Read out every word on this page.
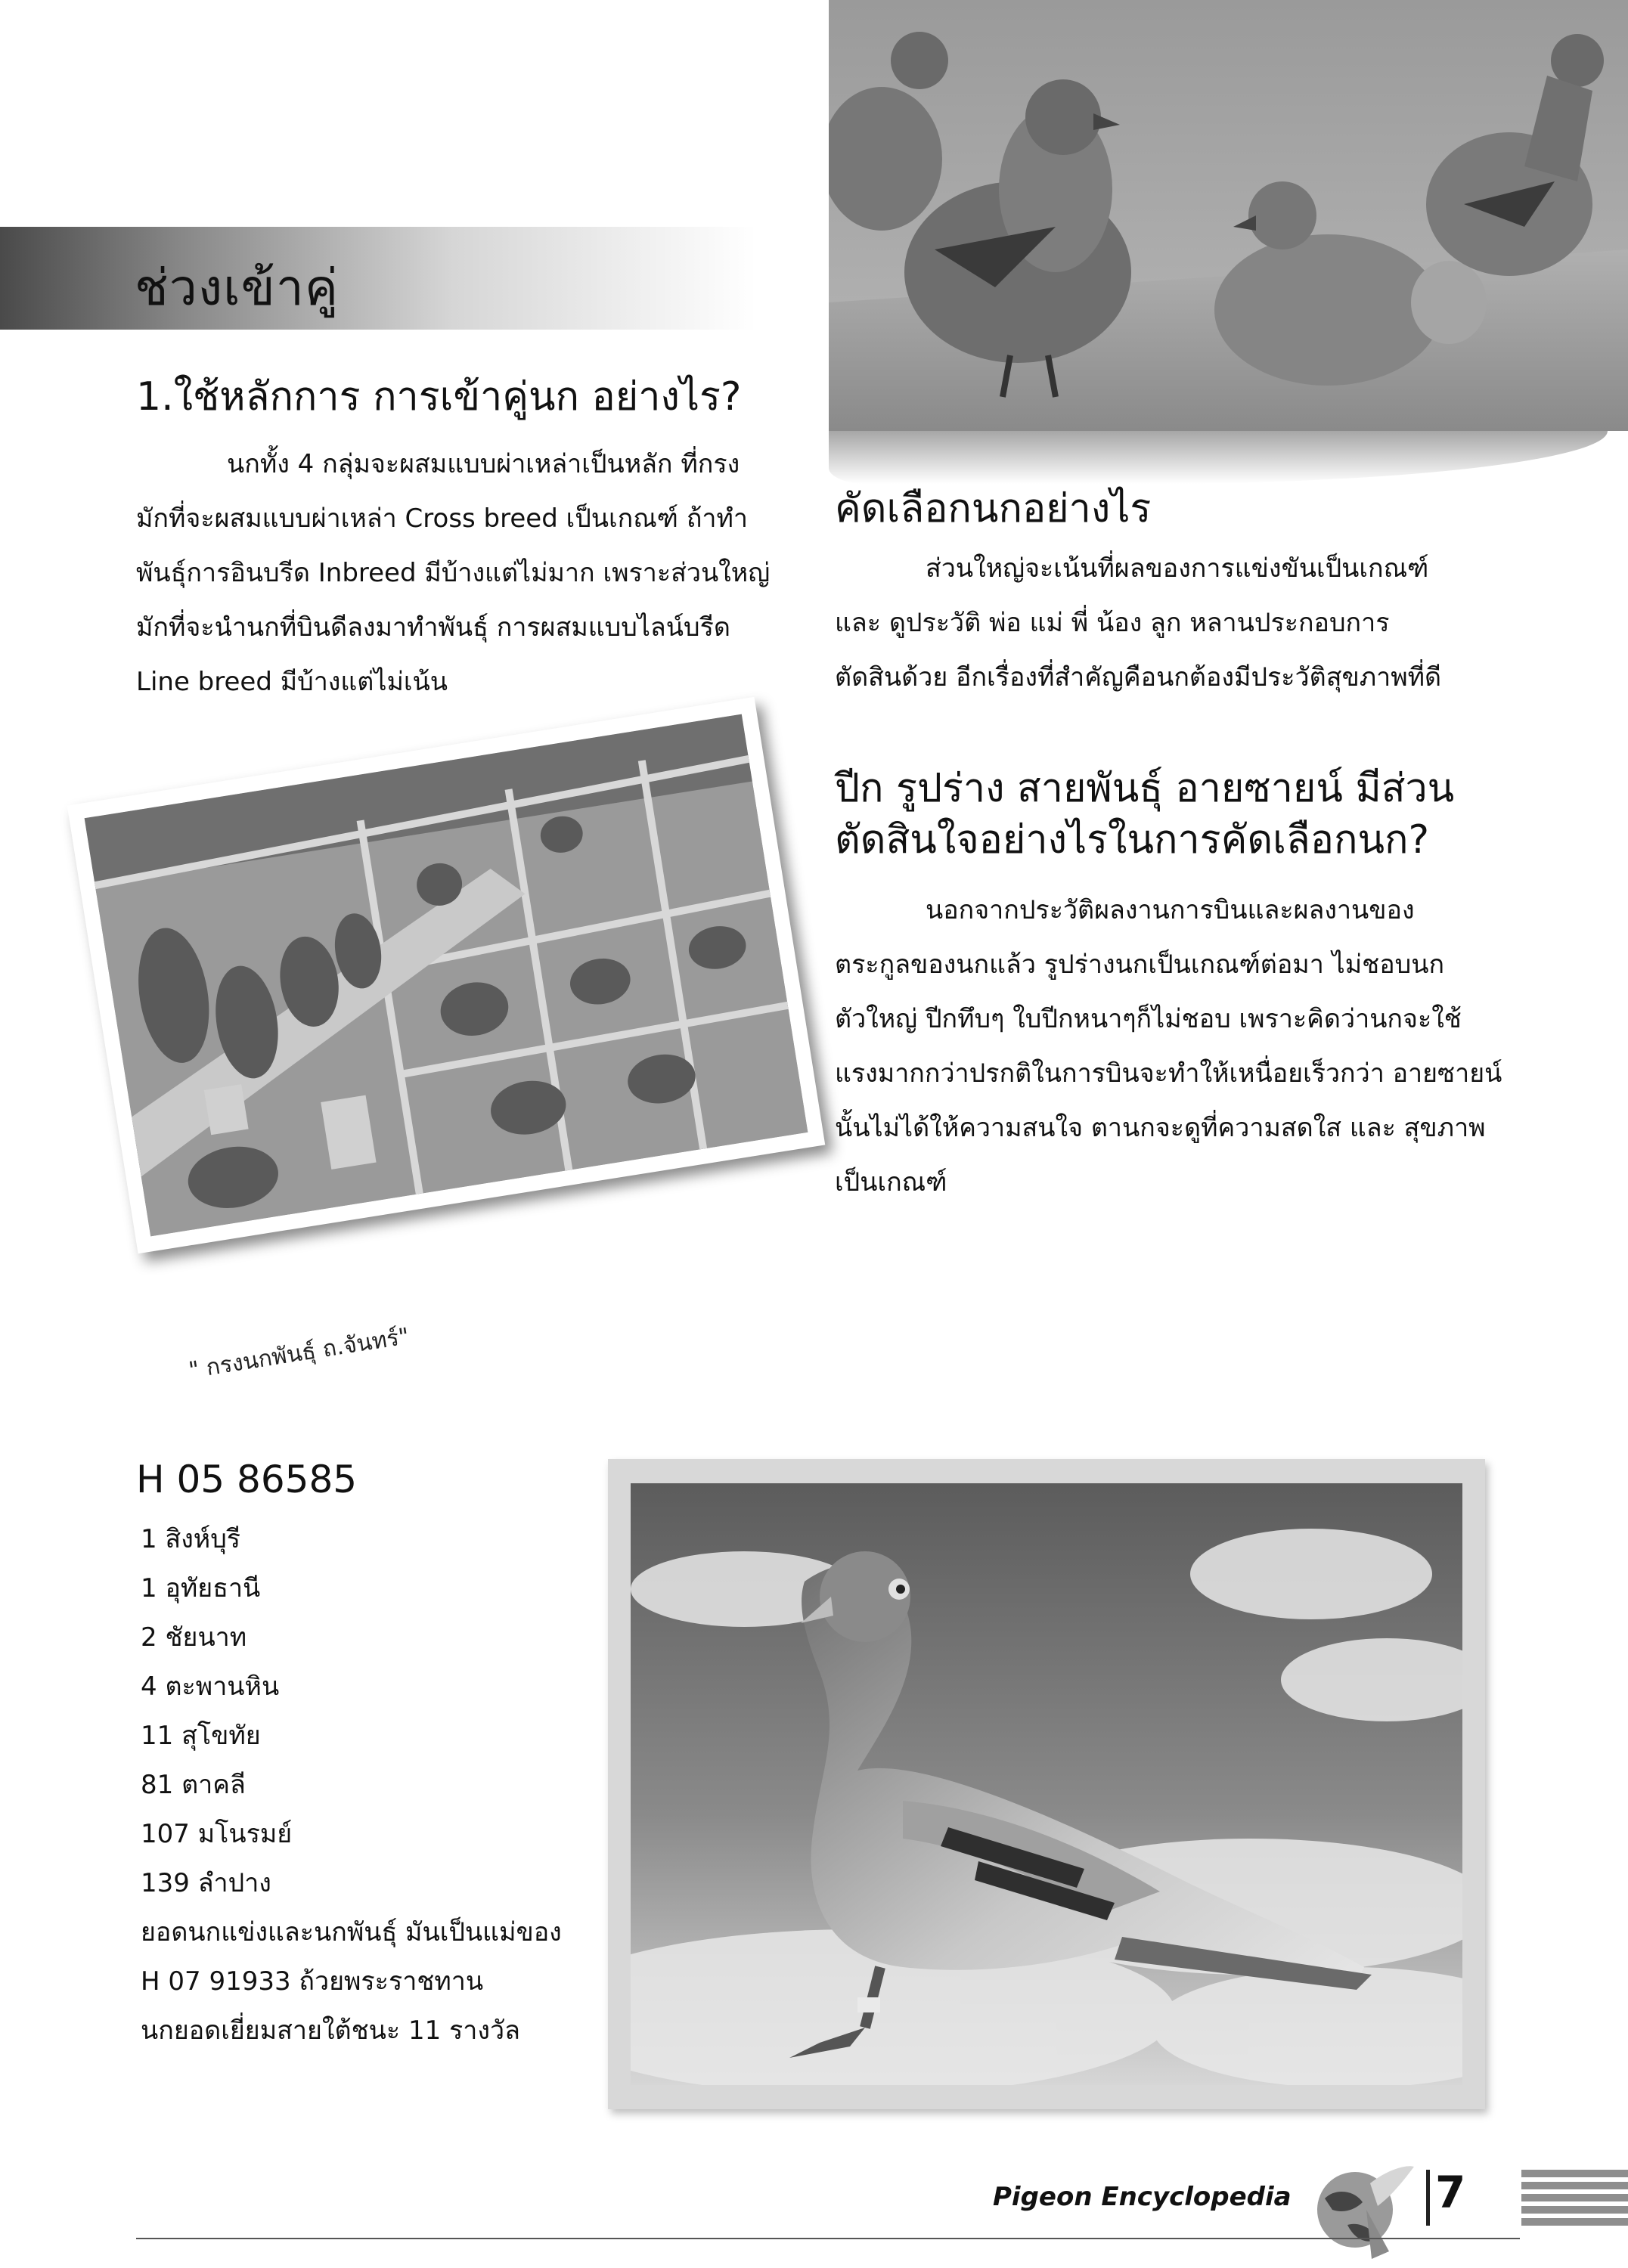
ช่วงเข้าคู่
1.ใช้หลักการ การเข้าคู่นก อย่างไร?
นกทั้ง 4 กลุ่มจะผสมแบบผ่าเหล่าเป็นหลัก ที่กรง
มักที่จะผสมแบบผ่าเหล่า Cross breed เป็นเกณฑ์ ถ้าทำ
พันธุ์การอินบรีด Inbreed มีบ้างแต่ไม่มาก เพราะส่วนใหญ่
มักที่จะนำนกที่บินดีลงมาทำพันธุ์ การผสมแบบไลน์บรีด
Line breed มีบ้างแต่ไม่เน้น
คัดเลือกนกอย่างไร
ส่วนใหญ่จะเน้นที่ผลของการแข่งขันเป็นเกณฑ์
และ ดูประวัติ พ่อ แม่ พี่ น้อง ลูก หลานประกอบการ
ตัดสินด้วย อีกเรื่องที่สำคัญคือนกต้องมีประวัติสุขภาพที่ดี
ปีก รูปร่าง สายพันธุ์ อายซายน์ มีส่วน
ตัดสินใจอย่างไรในการคัดเลือกนก?
นอกจากประวัติผลงานการบินและผลงานของ
ตระกูลของนกแล้ว รูปร่างนกเป็นเกณฑ์ต่อมา ไม่ชอบนก
ตัวใหญ่ ปีกทึบๆ ใบปีกหนาๆก็ไม่ชอบ เพราะคิดว่านกจะใช้
แรงมากกว่าปรกติในการบินจะทำให้เหนื่อยเร็วกว่า อายซายน์
นั้นไม่ได้ให้ความสนใจ ตานกจะดูที่ความสดใส และ สุขภาพ
เป็นเกณฑ์
" กรงนกพันธุ์ ถ.จันทร์"
H 05 86585
1 สิงห์บุรี
1 อุทัยธานี
2 ชัยนาท
4 ตะพานหิน
11 สุโขทัย
81 ตาคลี
107 มโนรมย์
139 ลำปาง
ยอดนกแข่งและนกพันธุ์ มันเป็นแม่ของ
H 07 91933 ถ้วยพระราชทาน
นกยอดเยี่ยมสายใต้ชนะ 11 รางวัล
Pigeon Encyclopedia	7
